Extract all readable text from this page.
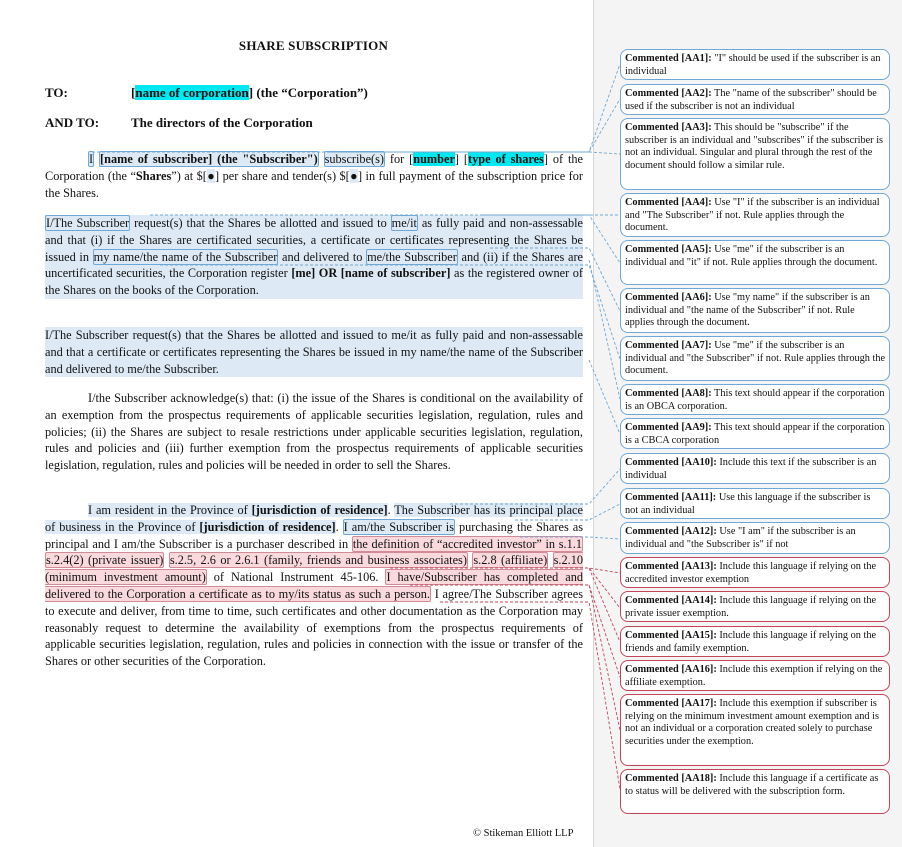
SHARE SUBSCRIPTION
TO:	[name of corporation] (the “Corporation”)
AND TO: The directors of the Corporation
I [name of subscriber] (the "Subscriber") subscribe(s) for [number] [type of shares] of the Corporation (the “Shares”) at $[●] per share and tender(s) $[●] in full payment of the subscription price for the Shares.
I/The Subscriber request(s) that the Shares be allotted and issued to me/it as fully paid and non-assessable and that (i) if the Shares are certificated securities, a certificate or certificates representing the Shares be issued in my name/the name of the Subscriber and delivered to me/the Subscriber and (ii) if the Shares are uncertificated securities, the Corporation register [me] OR [name of subscriber] as the registered owner of the Shares on the books of the Corporation.
I/The Subscriber request(s) that the Shares be allotted and issued to me/it as fully paid and non-assessable and that a certificate or certificates representing the Shares be issued in my name/the name of the Subscriber and delivered to me/the Subscriber.
I/the Subscriber acknowledge(s) that: (i) the issue of the Shares is conditional on the availability of an exemption from the prospectus requirements of applicable securities legislation, regulation, rules and policies; (ii) the Shares are subject to resale restrictions under applicable securities legislation, regulation, rules and policies and (iii) further exemption from the prospectus requirements of applicable securities legislation, regulation, rules and policies will be needed in order to sell the Shares.
I am resident in the Province of [jurisdiction of residence]. The Subscriber has its principal place of business in the Province of [jurisdiction of residence]. I am/the Subscriber is purchasing the Shares as principal and I am/the Subscriber is a purchaser described in the definition of “accredited investor” in s.1.1 s.2.4(2) (private issuer) s.2.5, 2.6 or 2.6.1 (family, friends and business associates) s.2.8 (affiliate) s.2.10 (minimum investment amount) of National Instrument 45-106. I have/Subscriber has completed and delivered to the Corporation a certificate as to my/its status as such a person. I agree/The Subscriber agrees to execute and deliver, from time to time, such certificates and other documentation as the Corporation may reasonably request to determine the availability of exemptions from the prospectus requirements of applicable securities legislation, regulation, rules and policies in connection with the issue or transfer of the Shares or other securities of the Corporation.
© Stikeman Elliott LLP
Commented [AA1]: "I" should be used if the subscriber is an individual
Commented [AA2]: The "name of the subscriber" should be used if the subscriber is not an individual
Commented [AA3]: This should be "subscribe" if the subscriber is an individual and "subscribes" if the subscriber is not an individual. Singular and plural through the rest of the document should follow a similar rule.
Commented [AA4]: Use "I" if the subscriber is an individual and "The Subscriber" if not. Rule applies through the document.
Commented [AA5]: Use "me" if the subscriber is an individual and "it" if not. Rule applies through the document.
Commented [AA6]: Use "my name" if the subscriber is an individual and "the name of the Subscriber" if not. Rule applies through the document.
Commented [AA7]: Use "me" if the subscriber is an individual and "the Subscriber" if not. Rule applies through the document.
Commented [AA8]: This text should appear if the corporation is an OBCA corporation.
Commented [AA9]: This text should appear if the corporation is a CBCA corporation
Commented [AA10]: Include this text if the subscriber is an individual
Commented [AA11]: Use this language if the subscriber is not an individual
Commented [AA12]: Use "I am" if the subscriber is an individual and "the Subscriber is" if not
Commented [AA13]: Include this language if relying on the accredited investor exemption
Commented [AA14]: Include this language if relying on the private issuer exemption.
Commented [AA15]: Include this language if relying on the friends and family exemption.
Commented [AA16]: Include this exemption if relying on the affiliate exemption.
Commented [AA17]: Include this exemption if subscriber is relying on the minimum investment amount exemption and is not an individual or a corporation created solely to purchase securities under the exemption.
Commented [AA18]: Include this language if a certificate as to status will be delivered with the subscription form.
